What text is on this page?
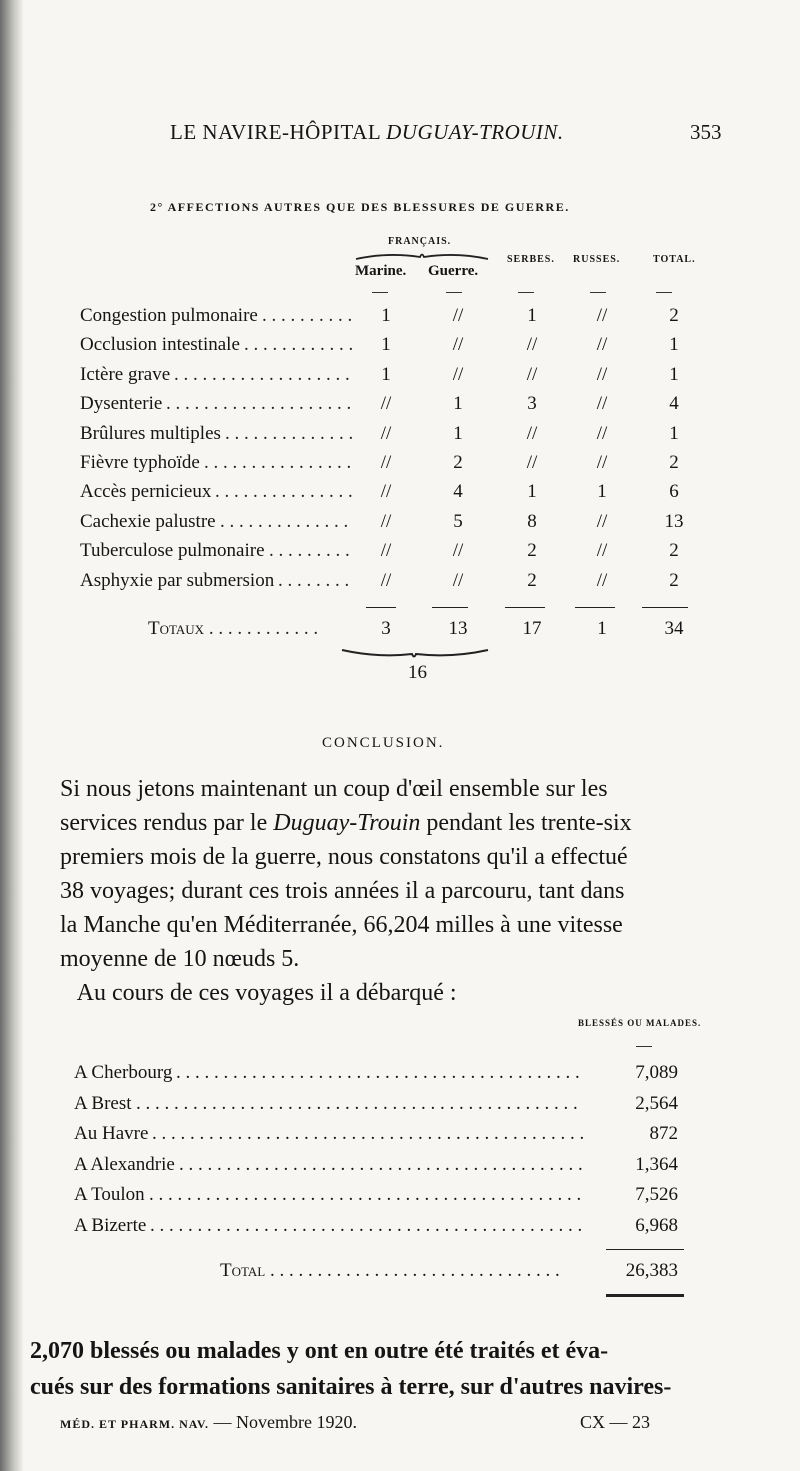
LE NAVIRE-HÔPITAL DUGUAY-TROUIN.	353
2° AFFECTIONS AUTRES QUE DES BLESSURES DE GUERRE.
FRANÇAIS.
Marine. Guerre.
SERBES. RUSSES.	TOTAL.
Congestion pulmonaire . . . . . . . . . .	1	//	1	//	2
Occlusion intestinale . . . . . . . . . . . .	1	//	//	//	1
Ictère grave . . . . . . . . . . . . . . . . . . .	1	//	//	//	1
Dysenterie . . . . . . . . . . . . . . . . . . . .	//	1	3	//	4
Brûlures multiples . . . . . . . . . . . . . .	//	1	//	//	1
Fièvre typhoïde . . . . . . . . . . . . . . . .	//	2	//	//	2
Accès pernicieux . . . . . . . . . . . . . . .	//	4	1	1	6
Cachexie palustre . . . . . . . . . . . . . .	//	5	8	//	13
Tuberculose pulmonaire . . . . . . . . .	//	//	2	//	2
Asphyxie par submersion . . . . . . . .	//	//	2	//	2
Totaux . . . . . . . . . . . .	3	13	17	1	34
16
CONCLUSION.
Si nous jetons maintenant un coup d'œil ensemble sur les
services rendus par le Duguay-Trouin pendant les trente-six
premiers mois de la guerre, nous constatons qu'il a effectué
38 voyages; durant ces trois années il a parcouru, tant dans
la Manche qu'en Méditerranée, 66,204 milles à une vitesse
moyenne de 10 nœuds 5.
Au cours de ces voyages il a débarqué :
BLESSÉS OU MALADES.
A Cherbourg . . . . . . . . . . . . . . . . . . . . . . . . . . . . . . . . . . . . . . . . . . .	7,089
A Brest . . . . . . . . . . . . . . . . . . . . . . . . . . . . . . . . . . . . . . . . . . . . . . .	2,564
Au Havre . . . . . . . . . . . . . . . . . . . . . . . . . . . . . . . . . . . . . . . . . . . . . .	872
A Alexandrie . . . . . . . . . . . . . . . . . . . . . . . . . . . . . . . . . . . . . . . . . . .	1,364
A Toulon . . . . . . . . . . . . . . . . . . . . . . . . . . . . . . . . . . . . . . . . . . . . . .	7,526
A Bizerte . . . . . . . . . . . . . . . . . . . . . . . . . . . . . . . . . . . . . . . . . . . . . .	6,968
Total . . . . . . . . . . . . . . . . . . . . . . . . . . . . . . .	26,383
2,070 blessés ou malades y ont en outre été traités et éva-
cués sur des formations sanitaires à terre, sur d'autres navires-
MÉD. ET PHARM. NAV. — Novembre 1920.	CX — 23
